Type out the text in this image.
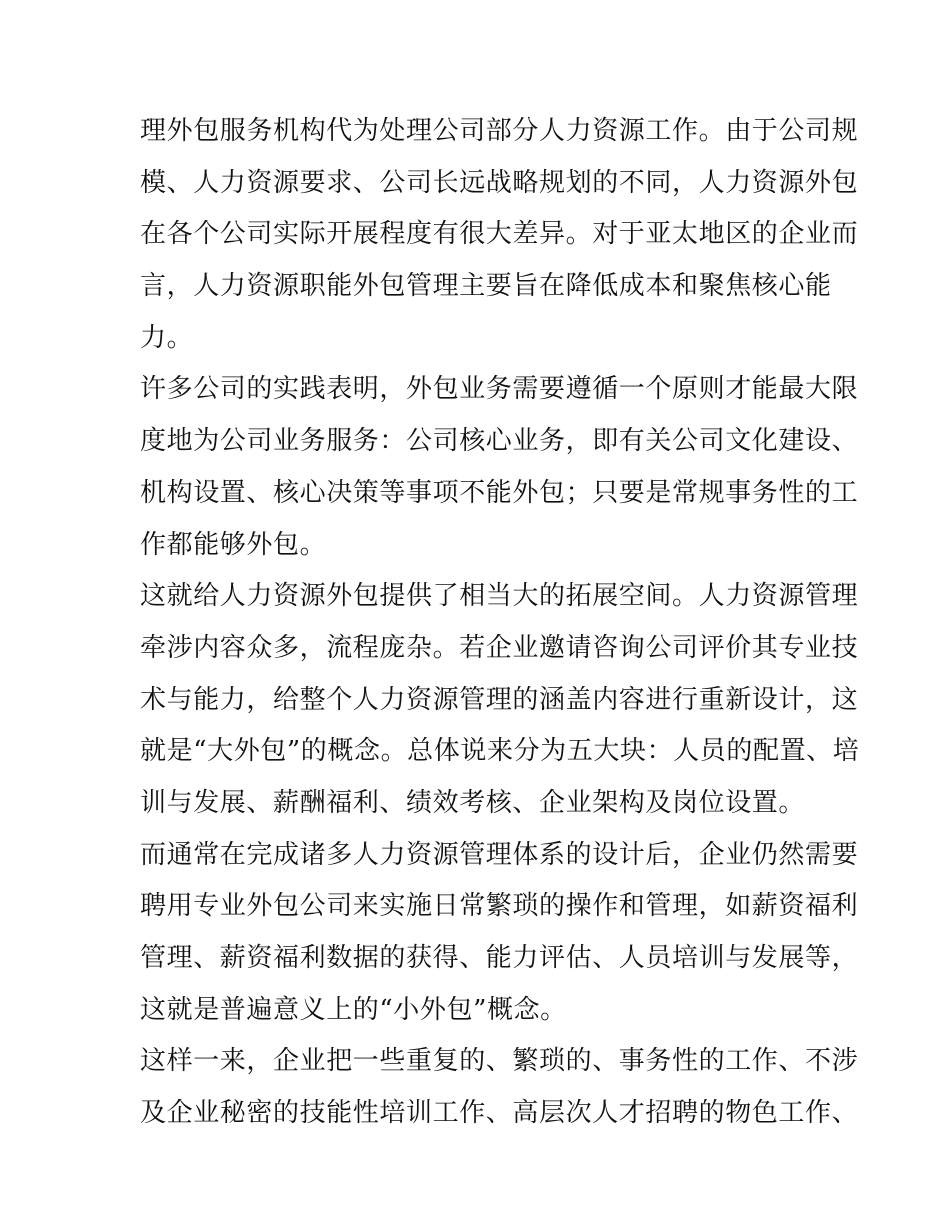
理外包服务机构代为处理公司部分人力资源工作。由于公司规
模、人力资源要求、公司长远战略规划的不同，人力资源外包
在各个公司实际开展程度有很大差异。对于亚太地区的企业而
言，人力资源职能外包管理主要旨在降低成本和聚焦核心能
力。
许多公司的实践表明，外包业务需要遵循一个原则才能最大限
度地为公司业务服务：公司核心业务，即有关公司文化建设、
机构设置、核心决策等事项不能外包；只要是常规事务性的工
作都能够外包。
这就给人力资源外包提供了相当大的拓展空间。人力资源管理
牵涉内容众多，流程庞杂。若企业邀请咨询公司评价其专业技
术与能力，给整个人力资源管理的涵盖内容进行重新设计，这
就是“大外包”的概念。总体说来分为五大块：人员的配置、培
训与发展、薪酬福利、绩效考核、企业架构及岗位设置。
而通常在完成诸多人力资源管理体系的设计后，企业仍然需要
聘用专业外包公司来实施日常繁琐的操作和管理，如薪资福利
管理、薪资福利数据的获得、能力评估、人员培训与发展等，
这就是普遍意义上的“小外包”概念。
这样一来，企业把一些重复的、繁琐的、事务性的工作、不涉
及企业秘密的技能性培训工作、高层次人才招聘的物色工作、
